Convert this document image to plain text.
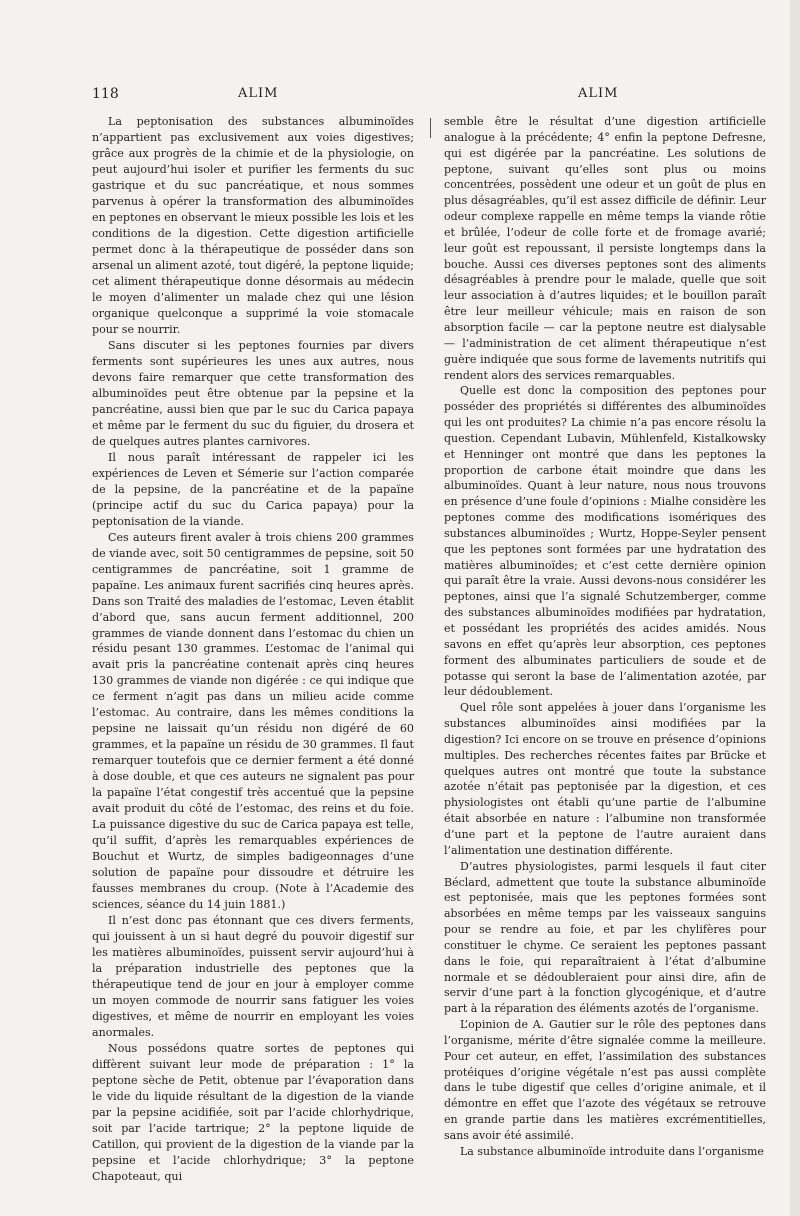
118	ALIM	ALIM

La peptonisation des substances albuminoïdes n’appartient pas exclusivement aux voies digestives; grâce aux progrès de la chimie et de la physiologie, on peut aujourd’hui isoler et purifier les ferments du suc gastrique et du suc pancréatique, et nous sommes parvenus à opérer la transformation des albuminoïdes en peptones en observant le mieux possible les lois et les conditions de la digestion. Cette digestion artificielle permet donc à la thérapeutique de posséder dans son arsenal un aliment azoté, tout digéré, la peptone liquide; cet aliment thérapeutique donne désormais au médecin le moyen d’alimenter un malade chez qui une lésion organique quelconque a supprimé la voie stomacale pour se nourrir.

Sans discuter si les peptones fournies par divers ferments sont supérieures les unes aux autres, nous devons faire remarquer que cette transformation des albuminoïdes peut être obtenue par la pepsine et la pancréatine, aussi bien que par le suc du Carica papaya et même par le ferment du suc du figuier, du drosera et de quelques autres plantes carnivores.

Il nous paraît intéressant de rappeler ici les expériences de Leven et Sémerie sur l’action comparée de la pepsine, de la pancréatine et de la papaïne (principe actif du suc du Carica papaya) pour la peptonisation de la viande.

Ces auteurs firent avaler à trois chiens 200 grammes de viande avec, soit 50 centigrammes de pepsine, soit 50 centigrammes de pancréatine, soit 1 gramme de papaïne. Les animaux furent sacrifiés cinq heures après. Dans son Traité des maladies de l’estomac, Leven établit d’abord que, sans aucun ferment additionnel, 200 grammes de viande donnent dans l’estomac du chien un résidu pesant 130 grammes. L’estomac de l’animal qui avait pris la pancréatine contenait après cinq heures 130 grammes de viande non digérée : ce qui indique que ce ferment n’agit pas dans un milieu acide comme l’estomac. Au contraire, dans les mêmes conditions la pepsine ne laissait qu’un résidu non digéré de 60 grammes, et la papaïne un résidu de 30 grammes. Il faut remarquer toutefois que ce dernier ferment a été donné à dose double, et que ces auteurs ne signalent pas pour la papaïne l’état congestif très accentué que la pepsine avait produit du côté de l’estomac, des reins et du foie. La puissance digestive du suc de Carica papaya est telle, qu’il suffit, d’après les remarquables expériences de Bouchut et Wurtz, de simples badigeonnages d’une solution de papaïne pour dissoudre et détruire les fausses membranes du croup. (Note à l’Academie des sciences, séance du 14 juin 1881.)

Il n’est donc pas étonnant que ces divers ferments, qui jouissent à un si haut degré du pouvoir digestif sur les matières albuminoïdes, puissent servir aujourd’hui à la préparation industrielle des peptones que la thérapeutique tend de jour en jour à employer comme un moyen commode de nourrir sans fatiguer les voies digestives, et même de nourrir en employant les voies anormales.

Nous possédons quatre sortes de peptones qui diffèrent suivant leur mode de préparation : 1° la peptone sèche de Petit, obtenue par l’évaporation dans le vide du liquide résultant de la digestion de la viande par la pepsine acidifiée, soit par l’acide chlorhydrique, soit par l’acide tartrique; 2° la peptone liquide de Catillon, qui provient de la digestion de la viande par la pepsine et l’acide chlorhydrique; 3° la peptone Chapoteaut, qui

semble être le résultat d’une digestion artificielle analogue à la précédente; 4° enfin la peptone Defresne, qui est digérée par la pancréatine. Les solutions de peptone, suivant qu’elles sont plus ou moins concentrées, possèdent une odeur et un goût de plus en plus désagréables, qu’il est assez difficile de définir. Leur odeur complexe rappelle en même temps la viande rôtie et brûlée, l’odeur de colle forte et de fromage avarié; leur goût est repoussant, il persiste longtemps dans la bouche. Aussi ces diverses peptones sont des aliments désagréables à prendre pour le malade, quelle que soit leur association à d’autres liquides; et le bouillon paraît être leur meilleur véhicule; mais en raison de son absorption facile — car la peptone neutre est dialysable — l’administration de cet aliment thérapeutique n’est guère indiquée que sous forme de lavements nutritifs qui rendent alors des services remarquables.

Quelle est donc la composition des peptones pour posséder des propriétés si différentes des albuminoïdes qui les ont produites? La chimie n’a pas encore résolu la question. Cependant Lubavin, Mühlenfeld, Kistalkowsky et Henninger ont montré que dans les peptones la proportion de carbone était moindre que dans les albuminoïdes. Quant à leur nature, nous nous trouvons en présence d’une foule d’opinions : Mialhe considère les peptones comme des modifications isomériques des substances albuminoïdes ; Wurtz, Hoppe-Seyler pensent que les peptones sont formées par une hydratation des matières albuminoïdes; et c’est cette dernière opinion qui paraît être la vraie. Aussi devons-nous considérer les peptones, ainsi que l’a signalé Schutzemberger, comme des substances albuminoïdes modifiées par hydratation, et possédant les propriétés des acides amidés. Nous savons en effet qu’après leur absorption, ces peptones forment des albuminates particuliers de soude et de potasse qui seront la base de l’alimentation azotée, par leur dédoublement.

Quel rôle sont appelées à jouer dans l’organisme les substances albuminoïdes ainsi modifiées par la digestion? Ici encore on se trouve en présence d’opinions multiples. Des recherches récentes faites par Brücke et quelques autres ont montré que toute la substance azotée n’était pas peptonisée par la digestion, et ces physiologistes ont établi qu’une partie de l’albumine était absorbée en nature : l’albumine non transformée d’une part et la peptone de l’autre auraient dans l’alimentation une destination différente.

D’autres physiologistes, parmi lesquels il faut citer Béclard, admettent que toute la substance albuminoïde est peptonisée, mais que les peptones formées sont absorbées en même temps par les vaisseaux sanguins pour se rendre au foie, et par les chylifères pour constituer le chyme. Ce seraient les peptones passant dans le foie, qui reparaîtraient à l’état d’albumine normale et se dédoubleraient pour ainsi dire, afin de servir d’une part à la fonction glycogénique, et d’autre part à la réparation des éléments azotés de l’organisme.

L’opinion de A. Gautier sur le rôle des peptones dans l’organisme, mérite d’être signalée comme la meilleure. Pour cet auteur, en effet, l’assimilation des substances protéiques d’origine végétale n’est pas aussi complète dans le tube digestif que celles d’origine animale, et il démontre en effet que l’azote des végétaux se retrouve en grande partie dans les matières excrémentitielles, sans avoir été assimilé.

La substance albuminoïde introduite dans l’organisme
